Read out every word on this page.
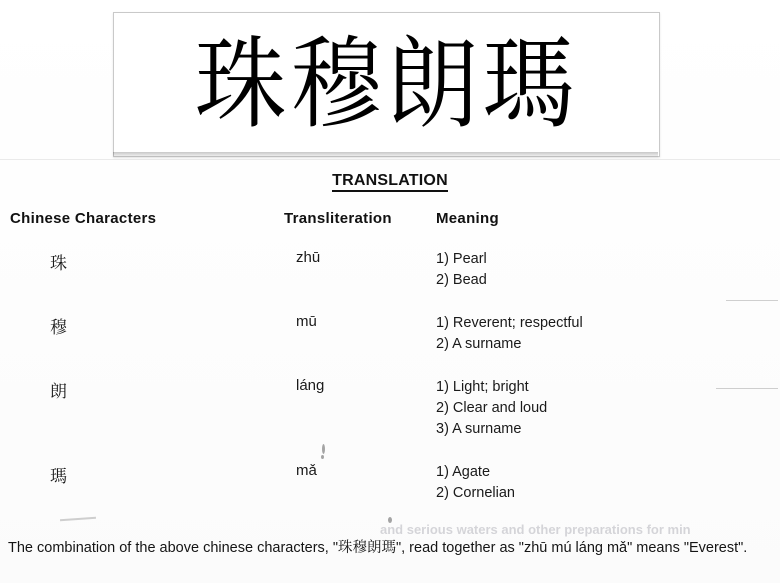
珠穆朗瑪
TRANSLATION
Chinese Characters	Transliteration	Meaning
珠	zhū	1) Pearl
2) Bead
穆	mū	1) Reverent; respectful
2) A surname
朗	láng	1) Light; bright
2) Clear and loud
3) A surname
瑪	mǎ	1) Agate
2) Cornelian
and serious waters and other preparations for min
The combination of the above chinese characters, "珠穆朗瑪", read together as "zhū mú láng mǎ" means "Everest".
